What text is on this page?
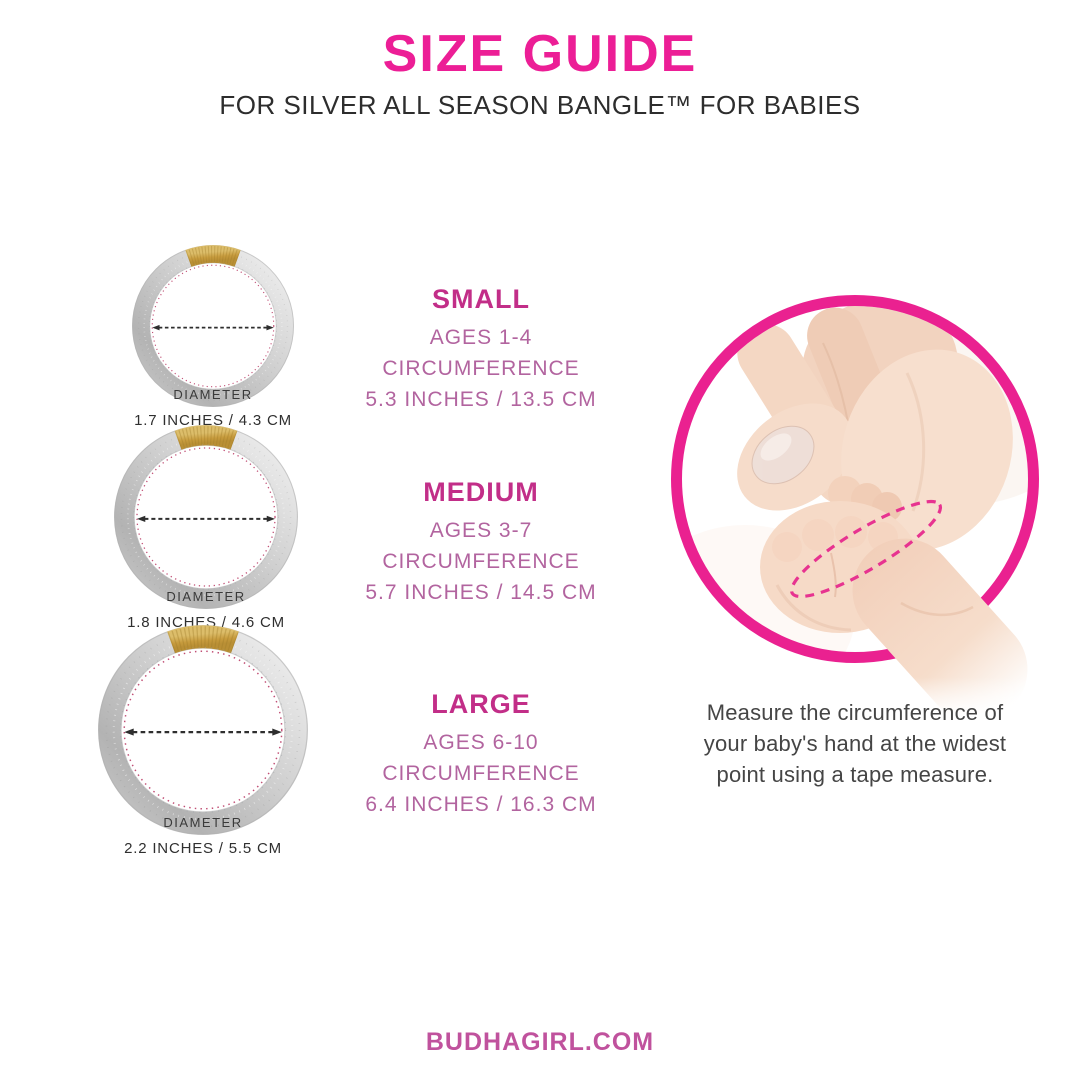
SIZE GUIDE
FOR SILVER ALL SEASON BANGLE™ FOR BABIES
DIAMETER
1.7 INCHES / 4.3 CM
DIAMETER
1.8 INCHES / 4.6 CM
DIAMETER
2.2 INCHES / 5.5 CM
SMALL
AGES 1-4
CIRCUMFERENCE
5.3 INCHES / 13.5 CM
MEDIUM
AGES 3-7
CIRCUMFERENCE
5.7 INCHES / 14.5 CM
LARGE
AGES 6-10
CIRCUMFERENCE
6.4 INCHES / 16.3 CM
Measure the circumference of
your baby's hand at the widest
point using a tape measure.
BUDHAGIRL.COM
